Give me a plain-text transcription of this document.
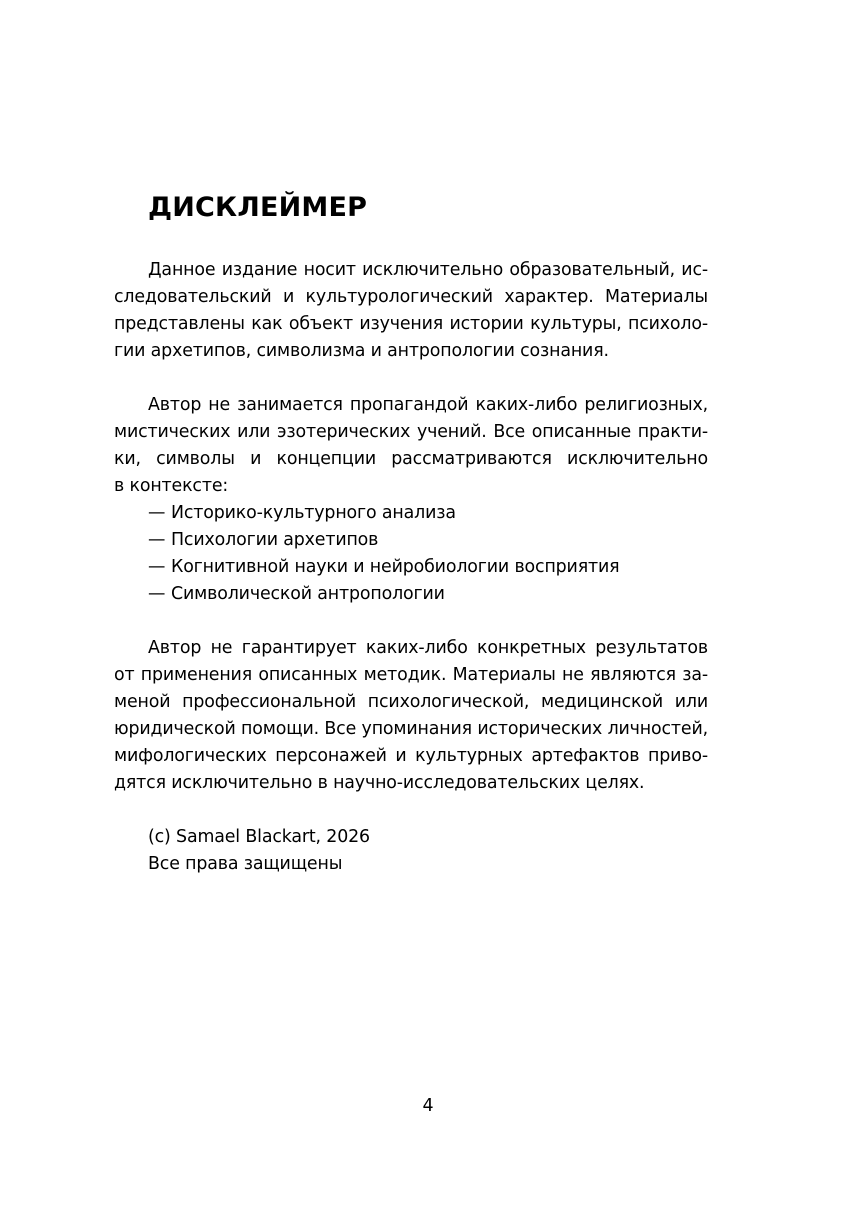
ДИСКЛЕЙМЕР
Данное издание носит исключительно образовательный, ис-
следовательский и культурологический характер. Материалы
представлены как объект изучения истории культуры, психоло-
гии архетипов, символизма и антропологии сознания.
Автор не занимается пропагандой каких-либо религиозных,
мистических или эзотерических учений. Все описанные практи-
ки, символы и концепции рассматриваются исключительно
в контексте:
— Историко-культурного анализа
— Психологии архетипов
— Когнитивной науки и нейробиологии восприятия
— Символической антропологии
Автор не гарантирует каких-либо конкретных результатов
от применения описанных методик. Материалы не являются за-
меной профессиональной психологической, медицинской или
юридической помощи. Все упоминания исторических личностей,
мифологических персонажей и культурных артефактов приво-
дятся исключительно в научно-исследовательских целях.
(c) Samael Blackart, 2026
Все права защищены
4
